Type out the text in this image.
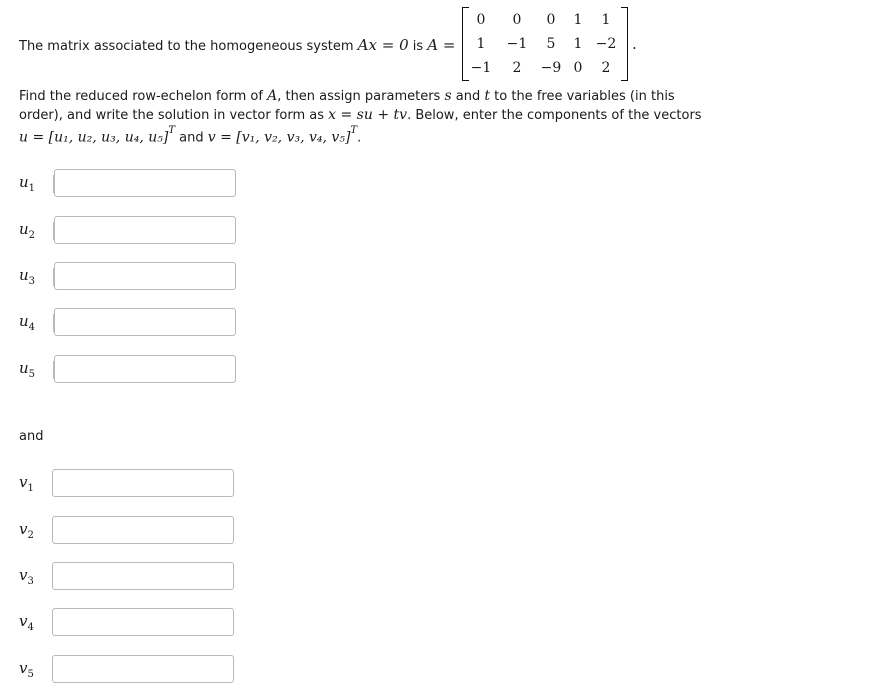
The matrix associated to the homogeneous system Ax = 0 is A =
0	0	0	1	1
1	−1	5	1 −2
−1	2	−9 0	2
.
Find the reduced row-echelon form of A, then assign parameters s and t to the free variables (in this
order), and write the solution in vector form as x = su + tv. Below, enter the components of the vectors
u = [u₁, u₂, u₃, u₄, u₅]$^T$ and v = [v₁, v₂, v₃, v₄, v₅]$^T$.
$u_1$
$u_2$
$u_3$
$u_4$
$u_5$
and
$v_1$
$v_2$
$v_3$
$v_4$
$v_5$
